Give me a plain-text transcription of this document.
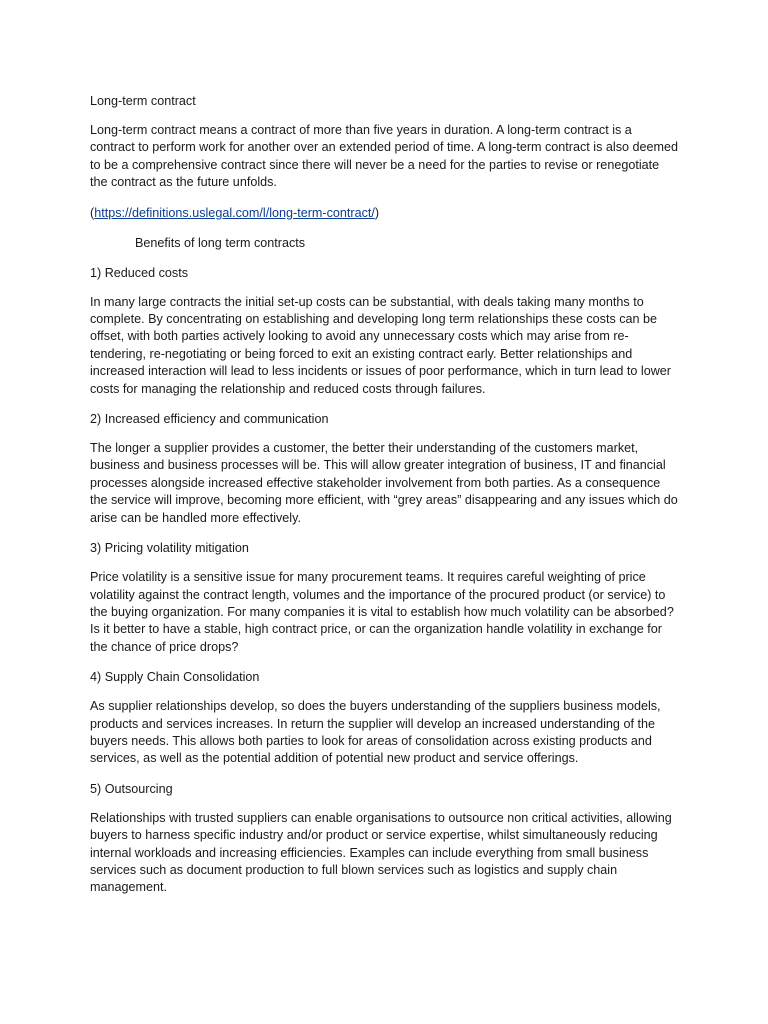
Long-term contract

Long-term contract means a contract of more than five years in duration. A long-term contract is a contract to perform work for another over an extended period of time. A long-term contract is also deemed to be a comprehensive contract since there will never be a need for the parties to revise or renegotiate the contract as the future unfolds.

(https://definitions.uslegal.com/l/long-term-contract/)

Benefits of long term contracts

1) Reduced costs

In many large contracts the initial set-up costs can be substantial, with deals taking many months to complete. By concentrating on establishing and developing long term relationships these costs can be offset, with both parties actively looking to avoid any unnecessary costs which may arise from re-tendering, re-negotiating or being forced to exit an existing contract early. Better relationships and increased interaction will lead to less incidents or issues of poor performance, which in turn lead to lower costs for managing the relationship and reduced costs through failures.

2) Increased efficiency and communication

The longer a supplier provides a customer, the better their understanding of the customers market, business and business processes will be. This will allow greater integration of business, IT and financial processes alongside increased effective stakeholder involvement from both parties. As a consequence the service will improve, becoming more efficient, with “grey areas” disappearing and any issues which do arise can be handled more effectively.

3) Pricing volatility mitigation

Price volatility is a sensitive issue for many procurement teams. It requires careful weighting of price volatility against the contract length, volumes and the importance of the procured product (or service) to the buying organization. For many companies it is vital to establish how much volatility can be absorbed? Is it better to have a stable, high contract price, or can the organization handle volatility in exchange for the chance of price drops?

4) Supply Chain Consolidation

As supplier relationships develop, so does the buyers understanding of the suppliers business models, products and services increases. In return the supplier will develop an increased understanding of the buyers needs. This allows both parties to look for areas of consolidation across existing products and services, as well as the potential addition of potential new product and service offerings.

5) Outsourcing

Relationships with trusted suppliers can enable organisations to outsource non critical activities, allowing buyers to harness specific industry and/or product or service expertise, whilst simultaneously reducing internal workloads and increasing efficiencies. Examples can include everything from small business services such as document production to full blown services such as logistics and supply chain management.
